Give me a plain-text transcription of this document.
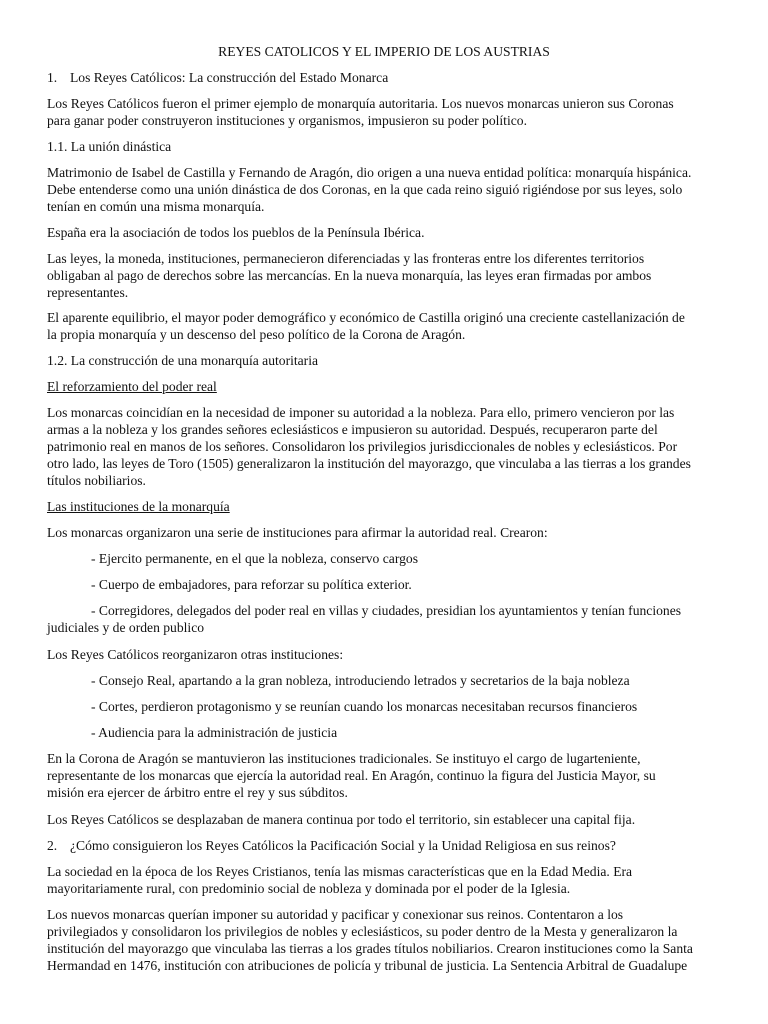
REYES CATOLICOS Y EL IMPERIO DE LOS AUSTRIAS

1. Los Reyes Católicos: La construcción del Estado Monarca

Los Reyes Católicos fueron el primer ejemplo de monarquía autoritaria. Los nuevos monarcas unieron sus Coronas
para ganar poder construyeron instituciones y organismos, impusieron su poder político.

1.1. La unión dinástica

Matrimonio de Isabel de Castilla y Fernando de Aragón, dio origen a una nueva entidad política: monarquía hispánica.
Debe entenderse como una unión dinástica de dos Coronas, en la que cada reino siguió rigiéndose por sus leyes, solo
tenían en común una misma monarquía.

España era la asociación de todos los pueblos de la Península Ibérica.

Las leyes, la moneda, instituciones, permanecieron diferenciadas y las fronteras entre los diferentes territorios
obligaban al pago de derechos sobre las mercancías. En la nueva monarquía, las leyes eran firmadas por ambos
representantes.

El aparente equilibrio, el mayor poder demográfico y económico de Castilla originó una creciente castellanización de
la propia monarquía y un descenso del peso político de la Corona de Aragón.

1.2. La construcción de una monarquía autoritaria

El reforzamiento del poder real

Los monarcas coincidían en la necesidad de imponer su autoridad a la nobleza. Para ello, primero vencieron por las
armas a la nobleza y los grandes señores eclesiásticos e impusieron su autoridad. Después, recuperaron parte del
patrimonio real en manos de los señores. Consolidaron los privilegios jurisdiccionales de nobles y eclesiásticos. Por
otro lado, las leyes de Toro (1505) generalizaron la institución del mayorazgo, que vinculaba a las tierras a los grandes
títulos nobiliarios.

Las instituciones de la monarquía

Los monarcas organizaron una serie de instituciones para afirmar la autoridad real. Crearon:

- Ejercito permanente, en el que la nobleza, conservo cargos

- Cuerpo de embajadores, para reforzar su política exterior.

- Corregidores, delegados del poder real en villas y ciudades, presidian los ayuntamientos y tenían funciones
judiciales y de orden publico

Los Reyes Católicos reorganizaron otras instituciones:

- Consejo Real, apartando a la gran nobleza, introduciendo letrados y secretarios de la baja nobleza

- Cortes, perdieron protagonismo y se reunían cuando los monarcas necesitaban recursos financieros

- Audiencia para la administración de justicia

En la Corona de Aragón se mantuvieron las instituciones tradicionales. Se instituyo el cargo de lugarteniente,
representante de los monarcas que ejercía la autoridad real. En Aragón, continuo la figura del Justicia Mayor, su
misión era ejercer de árbitro entre el rey y sus súbditos.

Los Reyes Católicos se desplazaban de manera continua por todo el territorio, sin establecer una capital fija.

2. ¿Cómo consiguieron los Reyes Católicos la Pacificación Social y la Unidad Religiosa en sus reinos?

La sociedad en la época de los Reyes Cristianos, tenía las mismas características que en la Edad Media. Era
mayoritariamente rural, con predominio social de nobleza y dominada por el poder de la Iglesia.

Los nuevos monarcas querían imponer su autoridad y pacificar y conexionar sus reinos. Contentaron a los
privilegiados y consolidaron los privilegios de nobles y eclesiásticos, su poder dentro de la Mesta y generalizaron la
institución del mayorazgo que vinculaba las tierras a los grades títulos nobiliarios. Crearon instituciones como la Santa
Hermandad en 1476, institución con atribuciones de policía y tribunal de justicia. La Sentencia Arbitral de Guadalupe
